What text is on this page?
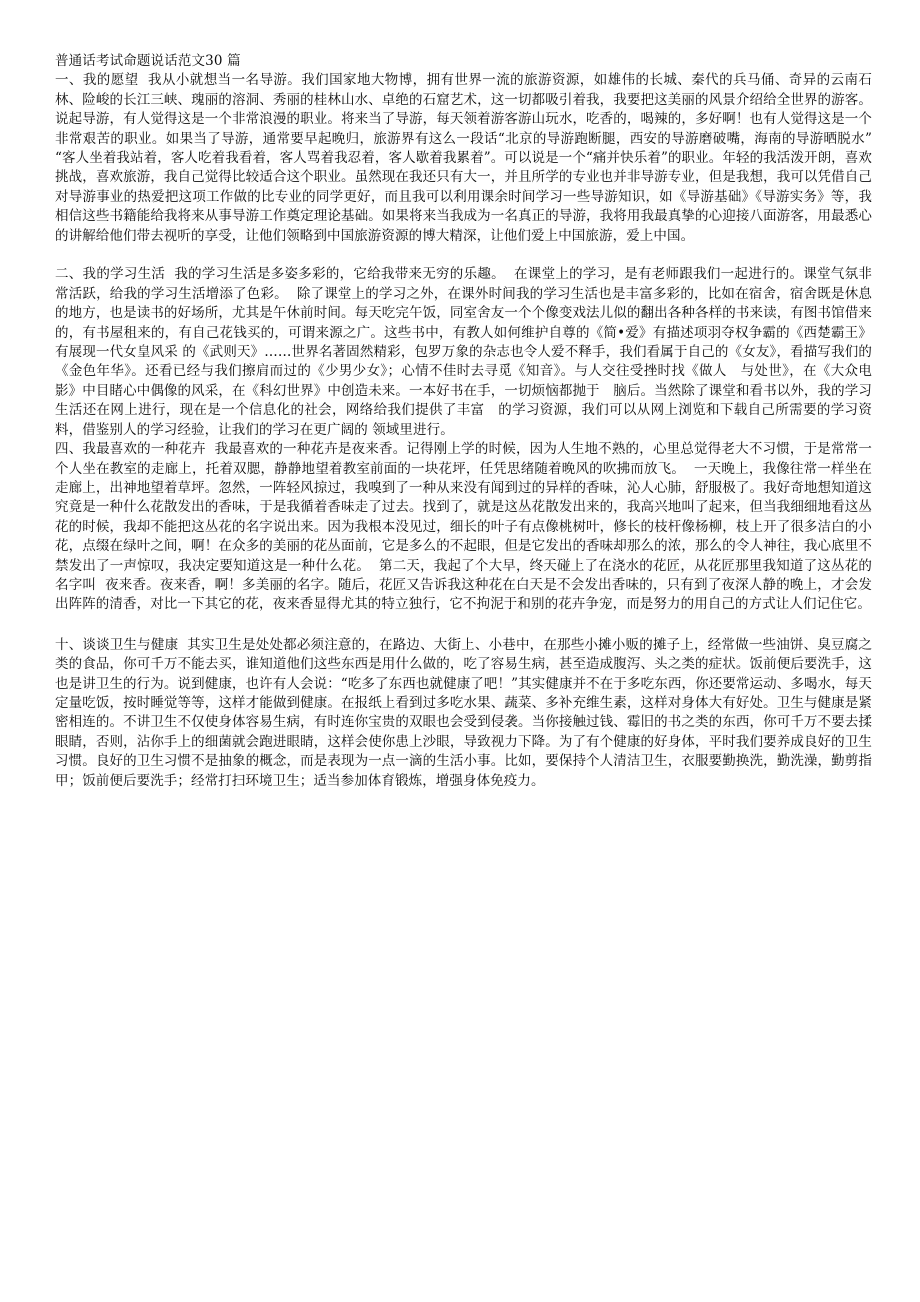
普通话考试命题说话范文30 篇

一、我的愿望  我从小就想当一名导游。我们国家地大物博，拥有世界一流的旅游资源，如雄伟的长城、秦代的兵马俑、奇异的云南石林、险峻的长江三峡、瑰丽的溶洞、秀丽的桂林山水、卓绝的石窟艺术，这一切都吸引着我，我要把这美丽的风景介绍给全世界的游客。说起导游，有人觉得这是一个非常浪漫的职业。将来当了导游，每天领着游客游山玩水，吃香的，喝辣的，多好啊！也有人觉得这是一个非常艰苦的职业。如果当了导游，通常要早起晚归，旅游界有这么一段话“北京的导游跑断腿，西安的导游磨破嘴，海南的导游晒脱水”“客人坐着我站着，客人吃着我看着，客人骂着我忍着，客人歇着我累着”。可以说是一个“痛并快乐着”的职业。年轻的我活泼开朗，喜欢挑战，喜欢旅游，我自己觉得比较适合这个职业。虽然现在我还只有大一，并且所学的专业也并非导游专业，但是我想，我可以凭借自己对导游事业的热爱把这项工作做的比专业的同学更好，而且我可以利用课余时间学习一些导游知识，如《导游基础》《导游实务》等，我相信这些书籍能给我将来从事导游工作奠定理论基础。如果将来当我成为一名真正的导游，我将用我最真挚的心迎接八面游客，用最悉心的讲解给他们带去视听的享受，让他们领略到中国旅游资源的博大精深，让他们爱上中国旅游，爱上中国。

二、我的学习生活  我的学习生活是多姿多彩的，它给我带来无穷的乐趣。  在课堂上的学习，是有老师跟我们一起进行的。课堂气氛非常活跃，给我的学习生活增添了色彩。  除了课堂上的学习之外，在课外时间我的学习生活也是丰富多彩的，比如在宿舍，宿舍既是休息的地方，也是读书的好场所，尤其是午休前时间。每天吃完午饭，同室舍友一个个像变戏法儿似的翻出各种各样的书来读，有图书馆借来的，有书屋租来的，有自己花钱买的，可谓来源之广。这些书中，有教人如何维护自尊的《简•爱》有描述项羽夺权争霸的《西楚霸王》有展现一代女皇风采 的《武则天》……世界名著固然精彩，包罗万象的杂志也令人爱不释手，我们看属于自己的《女友》，看描写我们的《金色年华》。还看已经与我们擦肩而过的《少男少女》；心情不佳时去寻觅《知音》。与人交往受挫时找《做人　与处世》，在《大众电影》中目睹心中偶像的风采，在《科幻世界》中创造未来。一本好书在手，一切烦恼都抛于　脑后。当然除了课堂和看书以外，我的学习生活还在网上进行，现在是一个信息化的社会，网络给我们提供了丰富　的学习资源，我们可以从网上浏览和下载自己所需要的学习资料，借鉴别人的学习经验，让我们的学习在更广阔的 领域里进行。

四、我最喜欢的一种花卉  我最喜欢的一种花卉是夜来香。记得刚上学的时候，因为人生地不熟的，心里总觉得老大不习惯，于是常常一个人坐在教室的走廊上，托着双腮，静静地望着教室前面的一块花坪，任凭思绪随着晚风的吹拂而放飞。  一天晚上，我像往常一样坐在走廊上，出神地望着草坪。忽然，一阵轻风掠过，我嗅到了一种从来没有闻到过的异样的香味，沁人心肺，舒服极了。我好奇地想知道这究竟是一种什么花散发出的香味，于是我循着香味走了过去。找到了，就是这丛花散发出来的，我高兴地叫了起来，但当我细细地看这丛花的时候，我却不能把这丛花的名字说出来。因为我根本没见过，细长的叶子有点像桃树叶，修长的枝杆像杨柳，枝上开了很多洁白的小花，点缀在绿叶之间，啊！在众多的美丽的花丛面前，它是多么的不起眼，但是它发出的香味却那么的浓，那么的令人神往，我心底里不禁发出了一声惊叹，我决定要知道这是一种什么花。  第二天，我起了个大早，终天碰上了在浇水的花匠，从花匠那里我知道了这丛花的名字叫  夜来香。夜来香，啊！多美丽的名字。随后，花匠又告诉我这种花在白天是不会发出香味的，只有到了夜深人静的晚上，才会发出阵阵的清香，对比一下其它的花，夜来香显得尤其的特立独行，它不拘泥于和别的花卉争宠，而是努力的用自己的方式让人们记住它。

十、谈谈卫生与健康  其实卫生是处处都必须注意的，在路边、大街上、小巷中，在那些小摊小贩的摊子上，经常做一些油饼、臭豆腐之类的食品，你可千万不能去买，谁知道他们这些东西是用什么做的，吃了容易生病，甚至造成腹泻、头之类的症状。饭前便后要洗手，这也是讲卫生的行为。说到健康，也许有人会说：“吃多了东西也就健康了吧！”其实健康并不在于多吃东西，你还要常运动、多喝水，每天定量吃饭，按时睡觉等等，这样才能做到健康。在报纸上看到过多吃水果、蔬菜、多补充维生素，这样对身体大有好处。卫生与健康是紧密相连的。不讲卫生不仅使身体容易生病，有时连你宝贵的双眼也会受到侵袭。当你接触过钱、霉旧的书之类的东西，你可千万不要去揉眼睛，否则，沾你手上的细菌就会跑进眼睛，这样会使你患上沙眼，导致视力下降。为了有个健康的好身体，平时我们要养成良好的卫生习惯。良好的卫生习惯不是抽象的概念，而是表现为一点一滴的生活小事。比如，要保持个人清洁卫生，衣服要勤换洗，勤洗澡，勤剪指甲；饭前便后要洗手；经常打扫环境卫生；适当参加体育锻炼，增强身体免疫力。
